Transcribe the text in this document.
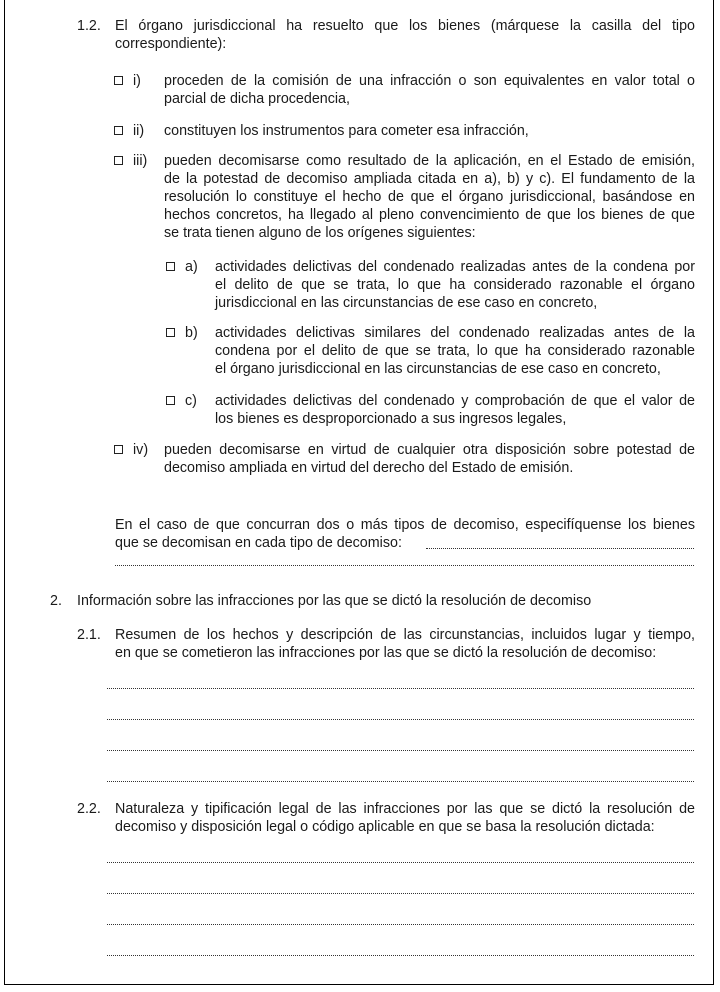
1.2. El órgano jurisdiccional ha resuelto que los bienes (márquese la casilla del tipo
correspondiente):
i) proceden de la comisión de una infracción o son equivalentes en valor total o
parcial de dicha procedencia,
ii) constituyen los instrumentos para cometer esa infracción,
iii) pueden decomisarse como resultado de la aplicación, en el Estado de emisión,
de la potestad de decomiso ampliada citada en a), b) y c). El fundamento de la
resolución lo constituye el hecho de que el órgano jurisdiccional, basándose en
hechos concretos, ha llegado al pleno convencimiento de que los bienes de que
se trata tienen alguno de los orígenes siguientes:
a) actividades delictivas del condenado realizadas antes de la condena por
el delito de que se trata, lo que ha considerado razonable el órgano
jurisdiccional en las circunstancias de ese caso en concreto,
b) actividades delictivas similares del condenado realizadas antes de la
condena por el delito de que se trata, lo que ha considerado razonable
el órgano jurisdiccional en las circunstancias de ese caso en concreto,
c) actividades delictivas del condenado y comprobación de que el valor de
los bienes es desproporcionado a sus ingresos legales,
iv) pueden decomisarse en virtud de cualquier otra disposición sobre potestad de
decomiso ampliada en virtud del derecho del Estado de emisión.
En el caso de que concurran dos o más tipos de decomiso, especifíquense los bienes
que se decomisan en cada tipo de decomiso:
2. Información sobre las infracciones por las que se dictó la resolución de decomiso
2.1. Resumen de los hechos y descripción de las circunstancias, incluidos lugar y tiempo,
en que se cometieron las infracciones por las que se dictó la resolución de decomiso:
2.2. Naturaleza y tipificación legal de las infracciones por las que se dictó la resolución de
decomiso y disposición legal o código aplicable en que se basa la resolución dictada:
